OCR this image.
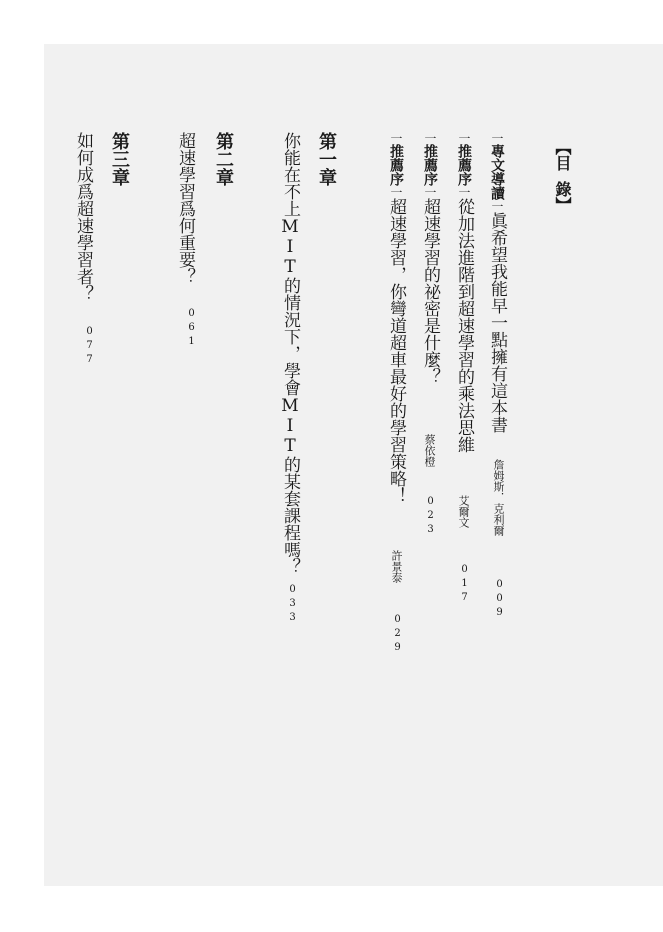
【目錄】
一專文導讀一眞希望我能早一點擁有這本書
詹姆斯．克利爾
009
一推薦序一從加法進階到超速學習的乘法思維
艾爾文
017
一推薦序一超速學習的祕密是什麼？
蔡依橙
023
一推薦序一超速學習，你彎道超車最好的學習策略！
許景泰
029
第一章
你能在不上MIT的情況下，學會MIT的某套課程嗎？
033
第二章
超速學習爲何重要？
061
第三章
如何成爲超速學習者？
077
